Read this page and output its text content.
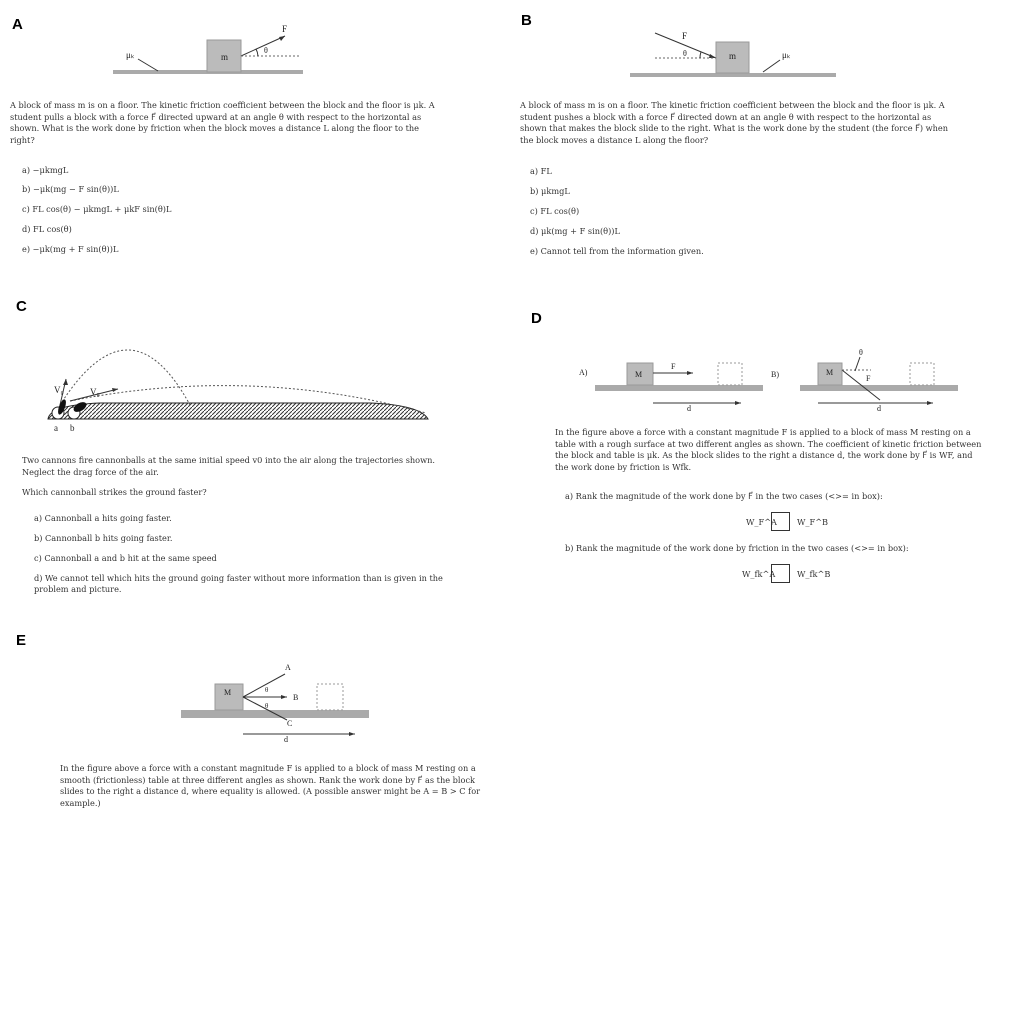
A
μₖ	m
F
θ
A block of mass m is on a floor. The kinetic friction coefficient between the block and the floor is μk. A student pulls a block with a force F⃗ directed upward at an angle θ with respect to the horizontal as shown. What is the work done by friction when the block moves a distance L along the floor to the right?
a) −μkmgL
b) −μk(mg − F sin(θ))L
c) FL cos(θ) − μkmgL + μkF sin(θ)L
d) FL cos(θ)
e) −μk(mg + F sin(θ))L
B
F
θ	m	μₖ
A block of mass m is on a floor. The kinetic friction coefficient between the block and the floor is μk. A student pushes a block with a force F⃗ directed down at an angle θ with respect to the horizontal as shown that makes the block slide to the right. What is the work done by the student (the force F⃗) when the block moves a distance L along the floor?
a) FL
b) μkmgL
c) FL cos(θ)
d) μk(mg + F sin(θ))L
e) Cannot tell from the information given.
C
V₀	V₀
a b
Two cannons fire cannonballs at the same initial speed v0 into the air along the trajectories shown. Neglect the drag force of the air.
Which cannonball strikes the ground faster?
a) Cannonball a hits going faster.
b) Cannonball b hits going faster.
c) Cannonball a and b hit at the same speed
d) We cannot tell which hits the ground going faster without more information than is given in the problem and picture.
D
A)	M
F
d
B)	M
F
θ
d
In the figure above a force with a constant magnitude F is applied to a block of mass M resting on a table with a rough surface at two different angles as shown. The coefficient of kinetic friction between the block and table is μk. As the block slides to the right a distance d, the work done by F⃗ is WF, and the work done by friction is Wfk.
a) Rank the magnitude of the work done by F⃗ in the two cases (<>= in box):
W_F^A W_F^B
b) Rank the magnitude of the work done by friction in the two cases (<>= in box):
W_fk^A	W_fk^B
E
A
B
C
M	θ
θ
d
In the figure above a force with a constant magnitude F is applied to a block of mass M resting on a smooth (frictionless) table at three different angles as shown. Rank the work done by F⃗ as the block slides to the right a distance d, where equality is allowed. (A possible answer might be A = B > C for example.)
